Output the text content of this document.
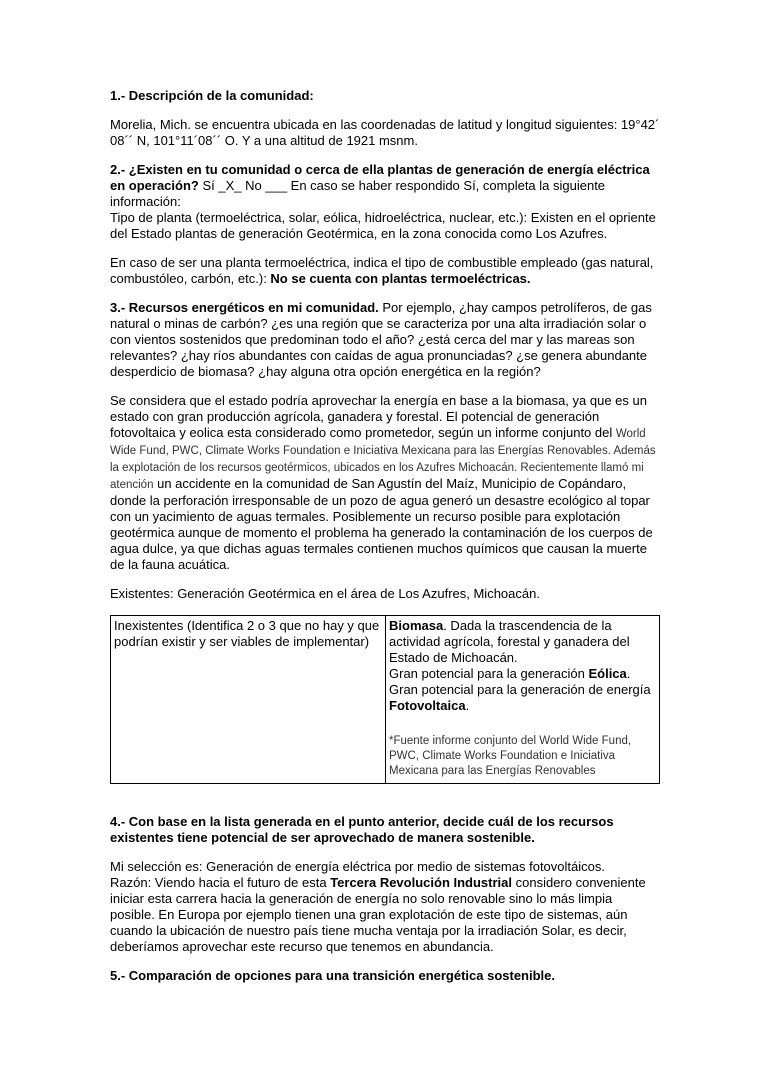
1.- Descripción de la comunidad:

Morelia, Mich. se encuentra ubicada en las coordenadas de latitud y longitud siguientes: 19°42´ 08´´ N, 101°11´08´´ O. Y a una altitud de 1921 msnm.

2.- ¿Existen en tu comunidad o cerca de ella plantas de generación de energía eléctrica en operación? Sí _X_ No ___ En caso se haber respondido Sí, completa la siguiente información:
Tipo de planta (termoeléctrica, solar, eólica, hidroeléctrica, nuclear, etc.): Existen en el opriente del Estado plantas de generación Geotérmica, en la zona conocida como Los Azufres.

En caso de ser una planta termoeléctrica, indica el tipo de combustible empleado (gas natural, combustóleo, carbón, etc.): No se cuenta con plantas termoeléctricas.

3.- Recursos energéticos en mi comunidad. Por ejemplo, ¿hay campos petrolíferos, de gas natural o minas de carbón? ¿es una región que se caracteriza por una alta irradiación solar o con vientos sostenidos que predominan todo el año? ¿está cerca del mar y las mareas son relevantes? ¿hay ríos abundantes con caídas de agua pronunciadas? ¿se genera abundante desperdicio de biomasa? ¿hay alguna otra opción energética en la región?

Se considera que el estado podría aprovechar la energía en base a la biomasa, ya que es un estado con gran producción agrícola, ganadera y forestal. El potencial de generación fotovoltaica y eolica esta considerado como prometedor, según un informe conjunto del World Wide Fund, PWC, Climate Works Foundation e Iniciativa Mexicana para las Energías Renovables. Además la explotación de los recursos geotérmicos, ubicados en los Azufres Michoacán. Recientemente llamó mi atención un accidente en la comunidad de San Agustín del Maíz, Municipio de Copándaro, donde la perforación irresponsable de un pozo de agua generó un desastre ecológico al topar con un yacimiento de aguas termales. Posiblemente un recurso posible para explotación geotérmica aunque de momento el problema ha generado la contaminación de los cuerpos de agua dulce, ya que dichas aguas termales contienen muchos químicos que causan la muerte de la fauna acuática.

Existentes: Generación Geotérmica en el área de Los Azufres, Michoacán.

Inexistentes (Identifica 2 o 3 que no hay y que podrían existir y ser viables de implementar)	Biomasa. Dada la trascendencia de la actividad agrícola, forestal y ganadera del Estado de Michoacán.
Gran potencial para la generación Eólica.
Gran potencial para la generación de energía Fotovoltaica.
*Fuente informe conjunto del World Wide Fund, PWC, Climate Works Foundation e Iniciativa Mexicana para las Energías Renovables

4.- Con base en la lista generada en el punto anterior, decide cuál de los recursos existentes tiene potencial de ser aprovechado de manera sostenible.

Mi selección es: Generación de energía eléctrica por medio de sistemas fotovoltáicos.
Razón: Viendo hacia el futuro de esta Tercera Revolución Industrial considero conveniente iniciar esta carrera hacia la generación de energía no solo renovable sino lo más limpia posible. En Europa por ejemplo tienen una gran explotación de este tipo de sistemas, aún cuando la ubicación de nuestro país tiene mucha ventaja por la irradiación Solar, es decir, deberíamos aprovechar este recurso que tenemos en abundancia.

5.- Comparación de opciones para una transición energética sostenible.
